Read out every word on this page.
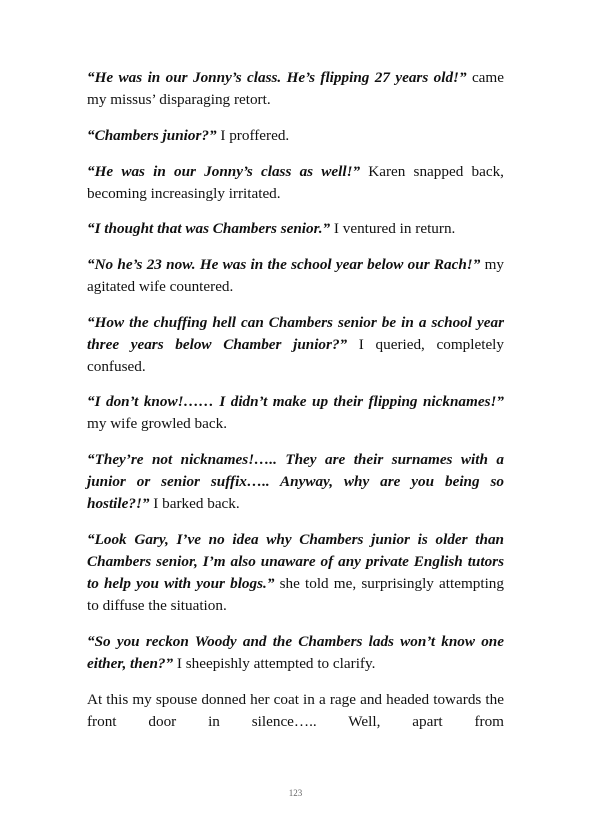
“He was in our Jonny’s class. He’s flipping 27 years old!” came my missus’ disparaging retort.

“Chambers junior?” I proffered.

“He was in our Jonny’s class as well!” Karen snapped back, becoming increasingly irritated.

“I thought that was Chambers senior.” I ventured in return.

“No he’s 23 now. He was in the school year below our Rach!” my agitated wife countered.

“How the chuffing hell can Chambers senior be in a school year three years below Chamber junior?” I queried, completely confused.

“I don’t know!…… I didn’t make up their flipping nicknames!” my wife growled back.

“They’re not nicknames!….. They are their surnames with a junior or senior suffix….. Anyway, why are you being so hostile?!” I barked back.

“Look Gary, I’ve no idea why Chambers junior is older than Chambers senior, I’m also unaware of any private English tutors to help you with your blogs.” she told me, surprisingly attempting to diffuse the situation.

“So you reckon Woody and the Chambers lads won’t know one either, then?” I sheepishly attempted to clarify.

At this my spouse donned her coat in a rage and headed towards the front door in silence….. Well, apart from

123
